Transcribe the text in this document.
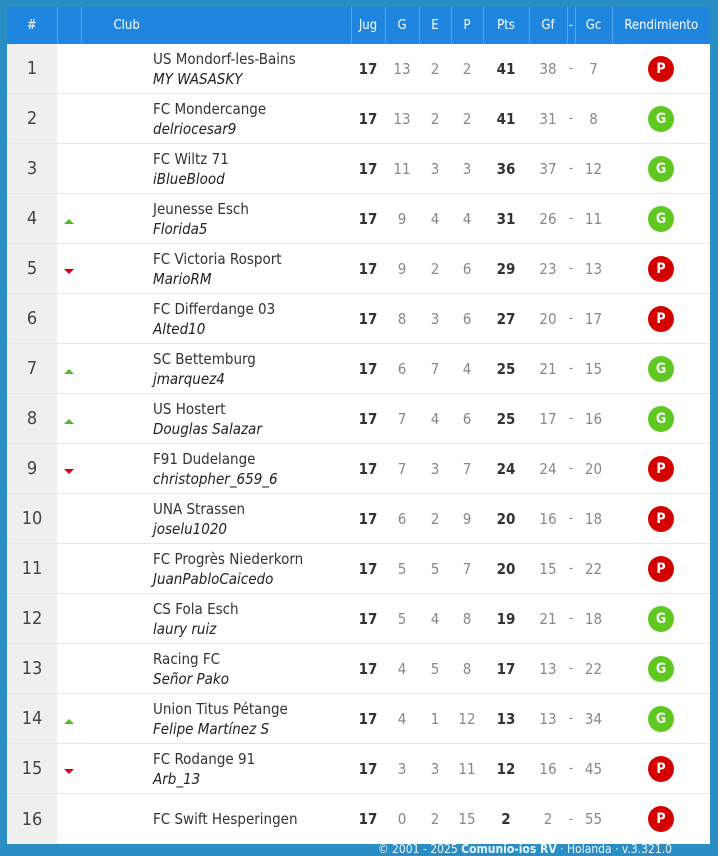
#		Club	Jug	G	E	P	Pts	Gf	-	Gc	Rendimiento
1		US Mondorf-les-Bains
MY WASASKY	17	13	2	2	41	38	-	7	P
2		FC Mondercange
delriocesar9	17	13	2	2	41	31	-	8	G
3		FC Wiltz 71
iBlueBlood	17	11	3	3	36	37	-	12	G
4		Jeunesse Esch
Florida5	17	9	4	4	31	26	-	11	G
5		FC Victoria Rosport
MarioRM	17	9	2	6	29	23	-	13	P
6		FC Differdange 03
Alted10	17	8	3	6	27	20	-	17	P
7		SC Bettemburg
jmarquez4	17	6	7	4	25	21	-	15	G
8		US Hostert
Douglas Salazar	17	7	4	6	25	17	-	16	G
9		F91 Dudelange
christopher_659_6	17	7	3	7	24	24	-	20	P
10		UNA Strassen
joselu1020	17	6	2	9	20	16	-	18	P
11		FC Progrès Niederkorn
JuanPabloCaicedo	17	5	5	7	20	15	-	22	P
12		CS Fola Esch
laury ruiz	17	5	4	8	19	21	-	18	G
13		Racing FC
Señor Pako	17	4	5	8	17	13	-	22	G
14		Union Titus Pétange
Felipe Martínez S	17	4	1	12	13	13	-	34	G
15		FC Rodange 91
Arb_13	17	3	3	11	12	16	-	45	P
16		FC Swift Hesperingen	17	0	2	15	2	2	-	55	P
© 2001 - 2025 Comunio-ios RV · Holanda · v.3.321.0
